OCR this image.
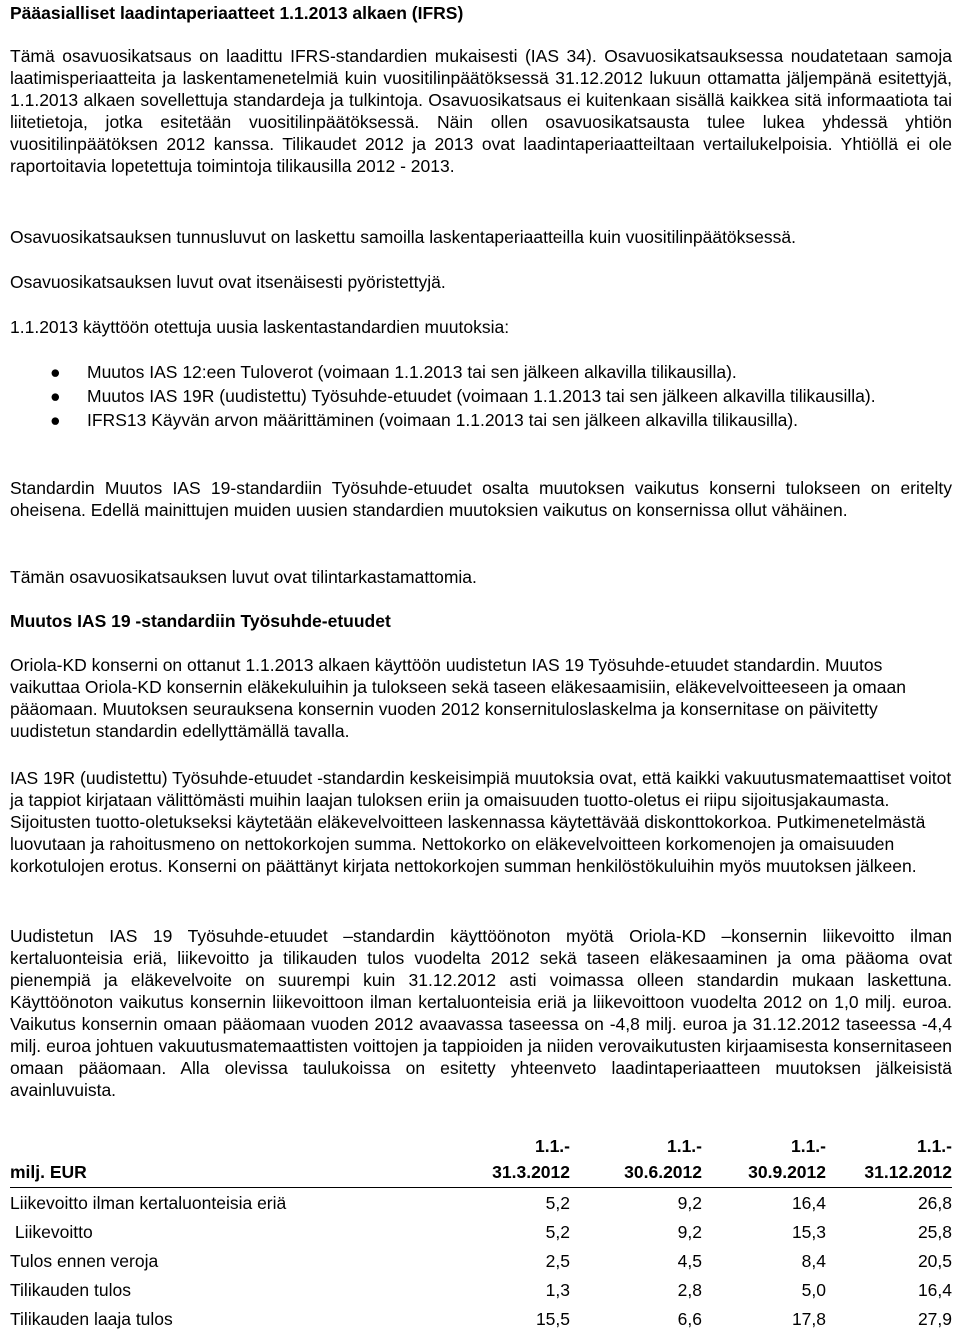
Pääasialliset laadintaperiaatteet 1.1.2013 alkaen (IFRS)

Tämä osavuosikatsaus on laadittu IFRS-standardien mukaisesti (IAS 34). Osavuosikatsauksessa noudatetaan samoja laatimisperiaatteita ja laskentamenetelmiä kuin vuositilinpäätöksessä 31.12.2012 lukuun ottamatta jäljempänä esitettyjä, 1.1.2013 alkaen sovellettuja standardeja ja tulkintoja. Osavuosikatsaus ei kuitenkaan sisällä kaikkea sitä informaatiota tai liitetietoja, jotka esitetään vuositilinpäätöksessä. Näin ollen osavuosikatsausta tulee lukea yhdessä yhtiön vuositilinpäätöksen 2012 kanssa. Tilikaudet 2012 ja 2013 ovat laadintaperiaatteiltaan vertailukelpoisia. Yhtiöllä ei ole raportoitavia lopetettuja toimintoja tilikausilla 2012 - 2013.

Osavuosikatsauksen tunnusluvut on laskettu samoilla laskentaperiaatteilla kuin vuositilinpäätöksessä.

Osavuosikatsauksen luvut ovat itsenäisesti pyöristettyjä.

1.1.2013 käyttöön otettuja uusia laskentastandardien muutoksia:

● Muutos IAS 12:een Tuloverot (voimaan 1.1.2013 tai sen jälkeen alkavilla tilikausilla).
● Muutos IAS 19R (uudistettu) Työsuhde-etuudet (voimaan 1.1.2013 tai sen jälkeen alkavilla tilikausilla).
● IFRS13 Käyvän arvon määrittäminen (voimaan 1.1.2013 tai sen jälkeen alkavilla tilikausilla).

Standardin Muutos IAS 19-standardiin Työsuhde-etuudet osalta muutoksen vaikutus konserni tulokseen on eritelty oheisena. Edellä mainittujen muiden uusien standardien muutoksien vaikutus on konsernissa ollut vähäinen.

Tämän osavuosikatsauksen luvut ovat tilintarkastamattomia.

Muutos IAS 19 -standardiin Työsuhde-etuudet

Oriola-KD konserni on ottanut 1.1.2013 alkaen käyttöön uudistetun IAS 19 Työsuhde-etuudet standardin. Muutos vaikuttaa Oriola-KD konsernin eläkekuluihin ja tulokseen sekä taseen eläkesaamisiin, eläkevelvoitteeseen ja omaan pääomaan. Muutoksen seurauksena konsernin vuoden 2012 konsernituloslaskelma ja konsernitase on päivitetty uudistetun standardin edellyttämällä tavalla.

IAS 19R (uudistettu) Työsuhde-etuudet -standardin keskeisimpiä muutoksia ovat, että kaikki vakuutusmatemaattiset voitot ja tappiot kirjataan välittömästi muihin laajan tuloksen eriin ja omaisuuden tuotto-oletus ei riipu sijoitusjakaumasta. Sijoitusten tuotto-oletukseksi käytetään eläkevelvoitteen laskennassa käytettävää diskonttokorkoa. Putkimenetelmästä luovutaan ja rahoitusmeno on nettokorkojen summa. Nettokorko on eläkevelvoitteen korkomenojen ja omaisuuden korkotulojen erotus. Konserni on päättänyt kirjata nettokorkojen summan henkilöstökuluihin myös muutoksen jälkeen.

Uudistetun IAS 19 Työsuhde-etuudet –standardin käyttöönoton myötä Oriola-KD –konsernin liikevoitto ilman kertaluonteisia eriä, liikevoitto ja tilikauden tulos vuodelta 2012 sekä taseen eläkesaaminen ja oma pääoma ovat pienempiä ja eläkevelvoite on suurempi kuin 31.12.2012 asti voimassa olleen standardin mukaan laskettuna. Käyttöönoton vaikutus konsernin liikevoittoon ilman kertaluonteisia eriä ja liikevoittoon vuodelta 2012 on 1,0 milj. euroa. Vaikutus konsernin omaan pääomaan vuoden 2012 avaavassa taseessa on -4,8 milj. euroa ja 31.12.2012 taseessa -4,4 milj. euroa johtuen vakuutusmatemaattisten voittojen ja tappioiden ja niiden verovaikutusten kirjaamisesta konsernitaseen omaan pääomaan. Alla olevissa taulukoissa on esitetty yhteenveto laadintaperiaatteen muutoksen jälkeisistä avainluvuista.

	1.1.-	1.1.-	1.1.-	1.1.-
milj. EUR	31.3.2012	30.6.2012	30.9.2012	31.12.2012
Liikevoitto ilman kertaluonteisia eriä	5,2	9,2	16,4	26,8
Liikevoitto	5,2	9,2	15,3	25,8
Tulos ennen veroja	2,5	4,5	8,4	20,5
Tilikauden tulos	1,3	2,8	5,0	16,4
Tilikauden laaja tulos	15,5	6,6	17,8	27,9
